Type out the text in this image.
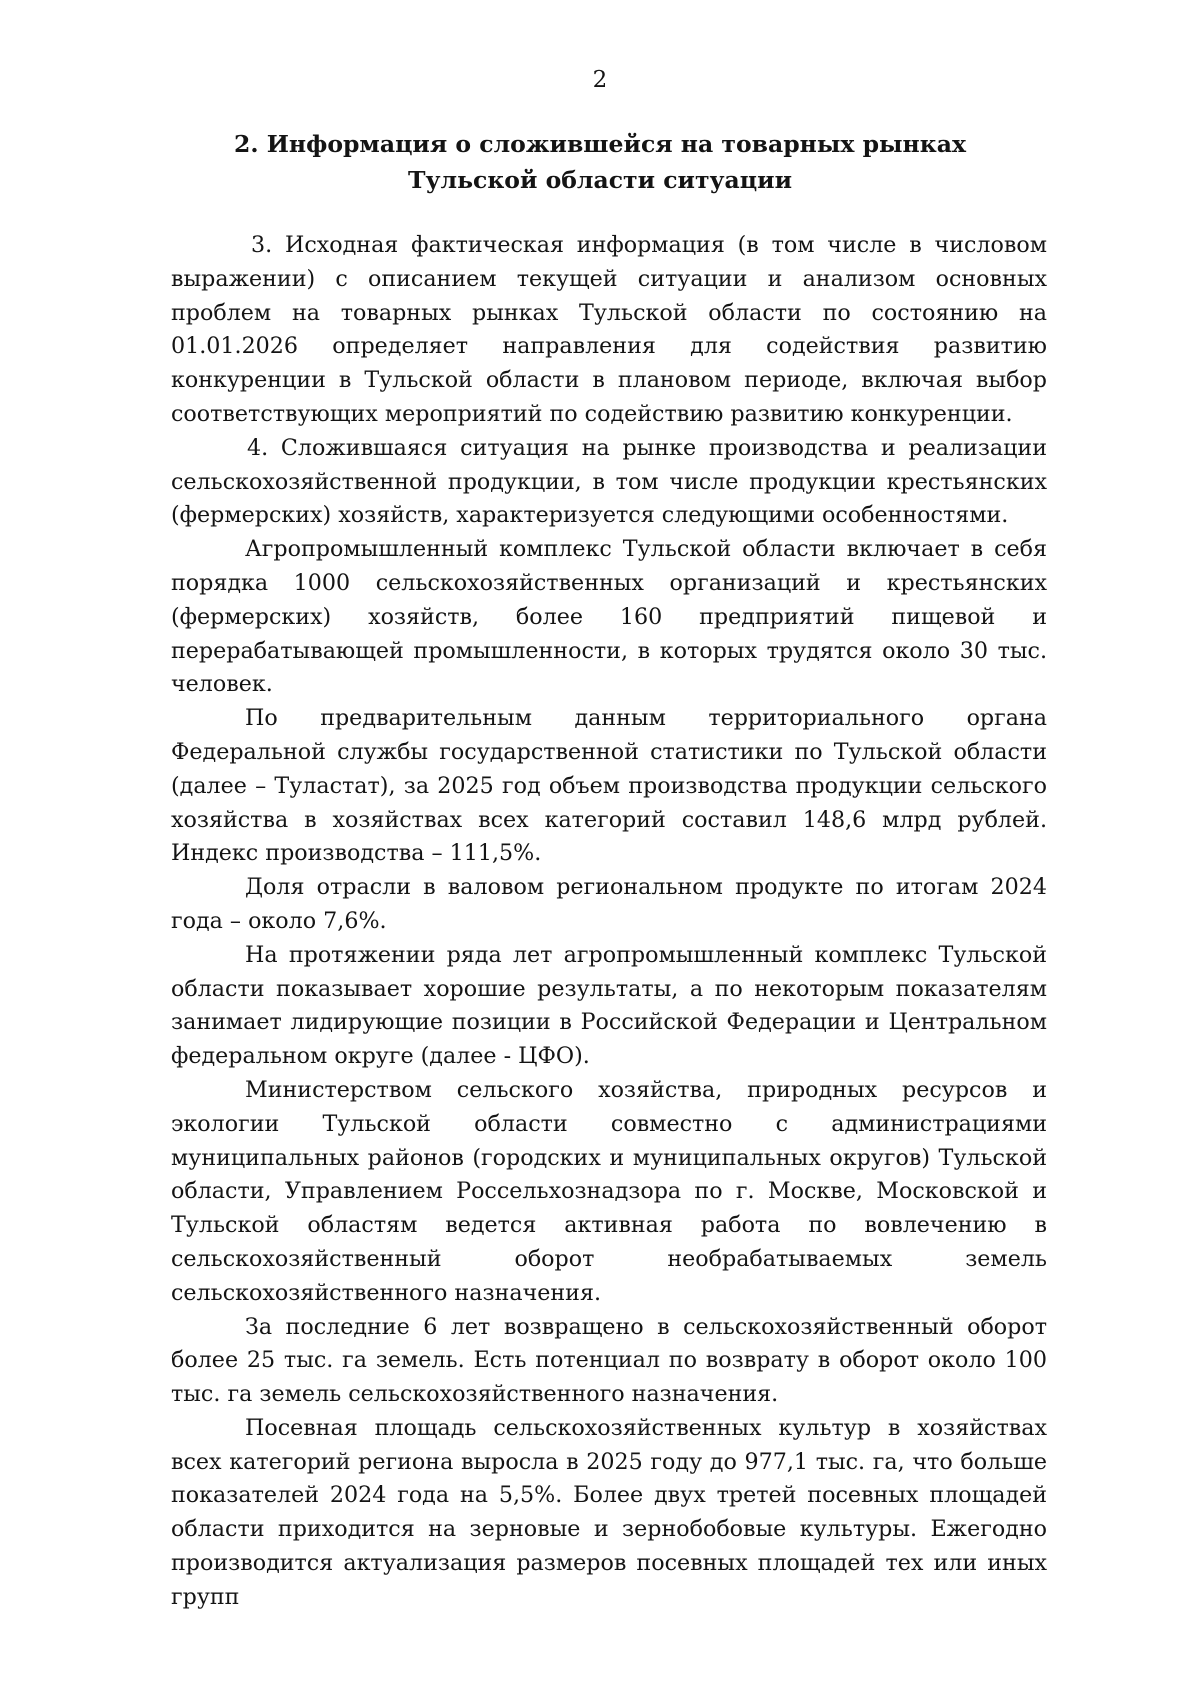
2
2. Информация о сложившейся на товарных рынках
Тульской области ситуации

3. Исходная фактическая информация (в том числе в числовом выражении) с описанием текущей ситуации и анализом основных проблем на товарных рынках Тульской области по состоянию на 01.01.2026 определяет направления для содействия развитию конкуренции в Тульской области в плановом периоде, включая выбор соответствующих мероприятий по содействию развитию конкуренции.

4. Сложившаяся ситуация на рынке производства и реализации сельскохозяйственной продукции, в том числе продукции крестьянских (фермерских) хозяйств, характеризуется следующими особенностями.

Агропромышленный комплекс Тульской области включает в себя порядка 1000 сельскохозяйственных организаций и крестьянских (фермерских) хозяйств, более 160 предприятий пищевой и перерабатывающей промышленности, в которых трудятся около 30 тыс. человек.

По предварительным данным территориального органа Федеральной службы государственной статистики по Тульской области (далее – Туластат), за 2025 год объем производства продукции сельского хозяйства в хозяйствах всех категорий составил 148,6 млрд рублей. Индекс производства – 111,5%.

Доля отрасли в валовом региональном продукте по итогам 2024 года – около 7,6%.

На протяжении ряда лет агропромышленный комплекс Тульской области показывает хорошие результаты, а по некоторым показателям занимает лидирующие позиции в Российской Федерации и Центральном федеральном округе (далее - ЦФО).

Министерством сельского хозяйства, природных ресурсов и экологии Тульской области совместно с администрациями муниципальных районов (городских и муниципальных округов) Тульской области, Управлением Россельхознадзора по г. Москве, Московской и Тульской областям ведется активная работа по вовлечению в сельскохозяйственный оборот необрабатываемых земель сельскохозяйственного назначения.

За последние 6 лет возвращено в сельскохозяйственный оборот более 25 тыс. га земель. Есть потенциал по возврату в оборот около 100 тыс. га земель сельскохозяйственного назначения.

Посевная площадь сельскохозяйственных культур в хозяйствах всех категорий региона выросла в 2025 году до 977,1 тыс. га, что больше показателей 2024 года на 5,5%. Более двух третей посевных площадей области приходится на зерновые и зернобобовые культуры. Ежегодно производится актуализация размеров посевных площадей тех или иных групп
